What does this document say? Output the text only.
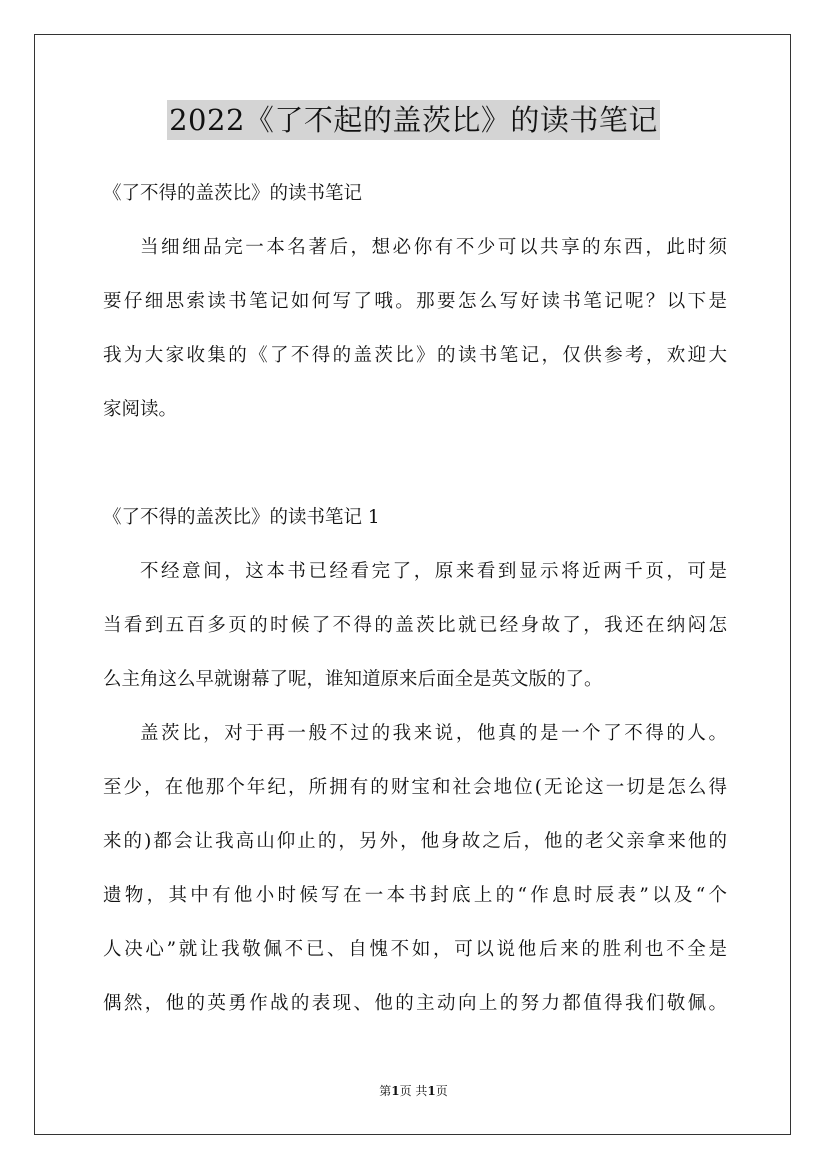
2022《了不起的盖茨比》的读书笔记
《了不得的盖茨比》的读书笔记
当细细品完一本名著后，想必你有不少可以共享的东西，此时须
要仔细思索读书笔记如何写了哦。那要怎么写好读书笔记呢？以下是
我为大家收集的《了不得的盖茨比》的读书笔记，仅供参考，欢迎大
家阅读。
《了不得的盖茨比》的读书笔记 1
不经意间，这本书已经看完了，原来看到显示将近两千页，可是
当看到五百多页的时候了不得的盖茨比就已经身故了，我还在纳闷怎
么主角这么早就谢幕了呢，谁知道原来后面全是英文版的了。
盖茨比，对于再一般不过的我来说，他真的是一个了不得的人。
至少，在他那个年纪，所拥有的财宝和社会地位(无论这一切是怎么得
来的)都会让我高山仰止的，另外，他身故之后，他的老父亲拿来他的
遗物，其中有他小时候写在一本书封底上的“作息时辰表”以及“个
人决心”就让我敬佩不已、自愧不如，可以说他后来的胜利也不全是
偶然，他的英勇作战的表现、他的主动向上的努力都值得我们敬佩。
第1页 共1页
